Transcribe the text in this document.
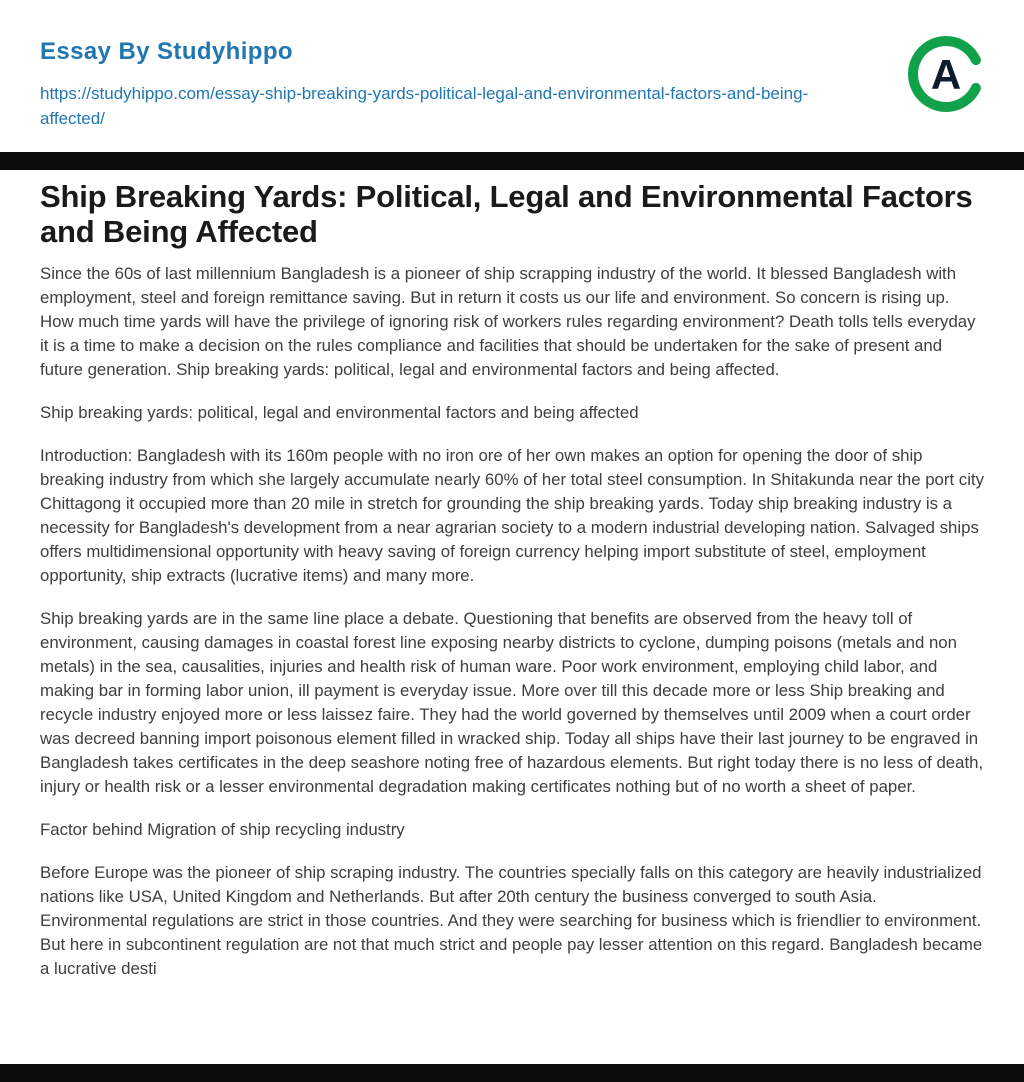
Essay By Studyhippo
https://studyhippo.com/essay-ship-breaking-yards-political-legal-and-environmental-factors-and-being-affected/
A
Ship Breaking Yards: Political, Legal and Environmental Factors and Being Affected

Since the 60s of last millennium Bangladesh is a pioneer of ship scrapping industry of the world. It blessed Bangladesh with employment, steel and foreign remittance saving. But in return it costs us our life and environment. So concern is rising up. How much time yards will have the privilege of ignoring risk of workers rules regarding environment? Death tolls tells everyday it is a time to make a decision on the rules compliance and facilities that should be undertaken for the sake of present and future generation. Ship breaking yards: political, legal and environmental factors and being affected.

Ship breaking yards: political, legal and environmental factors and being affected

Introduction: Bangladesh with its 160m people with no iron ore of her own makes an option for opening the door of ship breaking industry from which she largely accumulate nearly 60% of her total steel consumption. In Shitakunda near the port city Chittagong it occupied more than 20 mile in stretch for grounding the ship breaking yards. Today ship breaking industry is a necessity for Bangladesh's development from a near agrarian society to a modern industrial developing nation. Salvaged ships offers multidimensional opportunity with heavy saving of foreign currency helping import substitute of steel, employment opportunity, ship extracts (lucrative items) and many more.

Ship breaking yards are in the same line place a debate. Questioning that benefits are observed from the heavy toll of environment, causing damages in coastal forest line exposing nearby districts to cyclone, dumping poisons (metals and non metals) in the sea, causalities, injuries and health risk of human ware. Poor work environment, employing child labor, and making bar in forming labor union, ill payment is everyday issue. More over till this decade more or less Ship breaking and recycle industry enjoyed more or less laissez faire. They had the world governed by themselves until 2009 when a court order was decreed banning import poisonous element filled in wracked ship. Today all ships have their last journey to be engraved in Bangladesh takes certificates in the deep seashore noting free of hazardous elements. But right today there is no less of death, injury or health risk or a lesser environmental degradation making certificates nothing but of no worth a sheet of paper.

Factor behind Migration of ship recycling industry

Before Europe was the pioneer of ship scraping industry. The countries specially falls on this category are heavily industrialized nations like USA, United Kingdom and Netherlands. But after 20th century the business converged to south Asia. Environmental regulations are strict in those countries. And they were searching for business which is friendlier to environment. But here in subcontinent regulation are not that much strict and people pay lesser attention on this regard. Bangladesh became a lucrative desti
